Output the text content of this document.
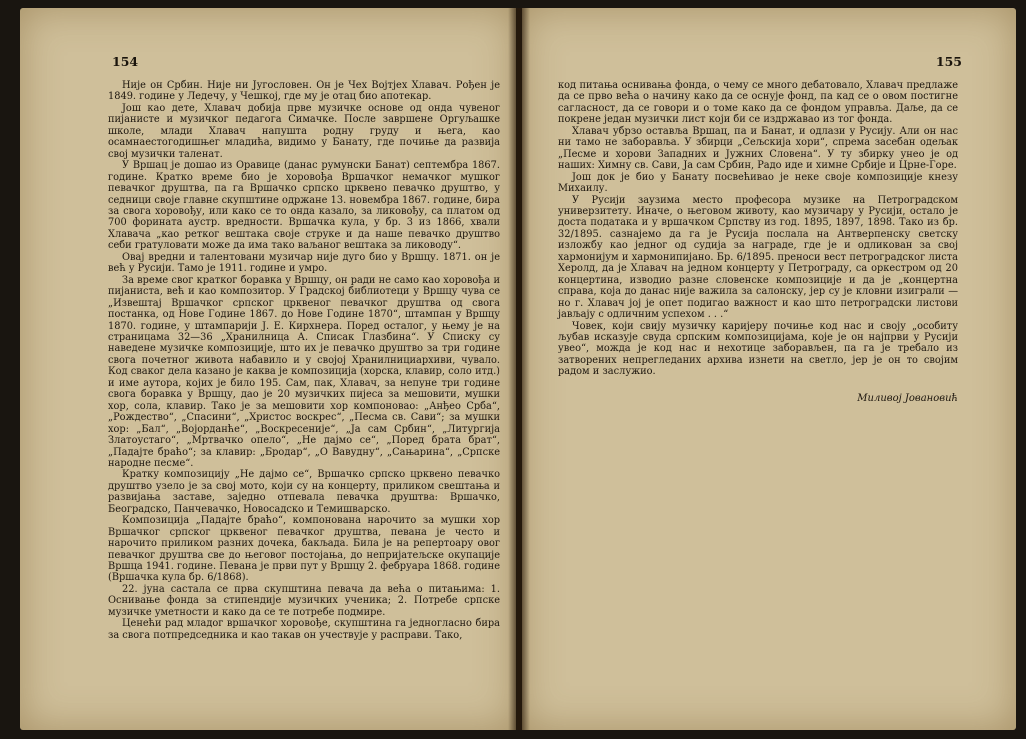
154

Није он Србин. Није ни Југословен. Он је Чех Војтјех Хлавач. Рођен је 1849. године у Ледечу, у Чешкој, где му је отац био апотекар.

Још као дете, Хлавач добија прве музичке основе од онда чувеног пијанисте и музичког педагога Симачке. После завршене Оргуљашке школе, млади Хлавач напушта родну груду и њега, као осамнаестогодишњег младића, видимо у Банату, где почиње да развија свој музички таленат.

У Вршац је дошао из Оравице (данас румунски Банат) септембра 1867. године. Кратко време био је хоровођа Вршачког немачког мушког певачког друштва, па га Вршачко српско црквено певачко друштво, у седници своје главне скупштине одржане 13. новембра 1867. године, бира за свога хоровођу, или како се то онда казало, за ликовођу, са платом од 700 форината аустр. вредности. Вршачка кула, у бр. 3 из 1866, хвали Хлавача „као ретког вештака своје струке и да наше певачко друштво себи гратуловати може да има тако ваљаног вештака за лиководу“.

Овај вредни и талентовани музичар није дуго био у Вршцу. 1871. он је већ у Русији. Тамо је 1911. године и умро.

За време свог кратког боравка у Вршцу, он ради не само као хоровођа и пијаниста, већ и као композитор. У Градској библиотеци у Вршцу чува се „Извештај Вршачког српског црквеног певачког друштва од свога постанка, од Нове Године 1867. до Нове Године 1870“, штампан у Вршцу 1870. године, у штампарији Ј. Е. Кирхнера. Поред осталог, у њему је на страницама 32—36 „Хранилница А. Списак Глазбина“. У Списку су наведене музичке композиције, што их је певачко друштво за три године свога почетног живота набавило и у својој Хранилнициархиви, чувало. Код сваког дела казано је каква је композиција (хорска, клавир, соло итд.) и име аутора, којих је било 195. Сам, пак, Хлавач, за непуне три године свога боравка у Вршцу, дао је 20 музичких пијеса за мешовити, мушки хор, сола, клавир. Тако је за мешовити хор компоновао: „Анђео Срба“, „Рождество“, „Спасини“, „Христос воскрес“, „Песма св. Сави“; за мушки хор: „Бал“, „Војорданће“, „Воскресеније“, „Ја сам Србин“, „Литургија Златоустаго“, „Мртвачко опело“, „Не дајмо се“, „Поред брата брат“, „Падајте браћо“; за клавир: „Бродар“, „О Вавудну“, „Сањарина“, „Српске народне песме“.

Кратку композицију „Не дајмо се“, Вршачко српско црквено певачко друштво узело је за свој мото, који су на концерту, приликом свештања и развијања заставе, заједно отпевала певачка друштва: Вршачко, Београдско, Панчевачко, Новосадско и Темишварско.

Композиција „Падајте браћо“, компонована нарочито за мушки хор Вршачког српског црквеног певачког друштва, певана је често и нарочито приликом разних дочека, бакљада. Била је на репертоару овог певачког друштва све до његовог постојања, до непријатељске окупације Вршца 1941. године. Певана је први пут у Вршцу 2. фебруара 1868. године (Вршачка кула бр. 6/1868).

22. јуна састала се прва скупштина певача да већа о питањима: 1. Оснивање фонда за стипендије музичких ученика; 2. Потребе српске музичке уметности и како да се те потребе подмире.

Ценећи рад младог вршачког хоровође, скупштина га једногласно бира за свога потпредседника и као такав он учествује у расправи. Тако,

155

код питања оснивања фонда, о чему се много дебатовало, Хлавач предлаже да се прво већа о начину како да се оснује фонд, па кад се о овом постигне сагласност, да се говори и о томе како да се фондом управља. Даље, да се покрене један музички лист који би се издржавао из тог фонда.

Хлавач убрзо оставља Вршац, па и Банат, и одлази у Русију. Али он нас ни тамо не заборавља. У збирци „Сељскија хори“, спрема засебан одељак „Песме и хорови Западних и Јужних Словена“. У ту збирку унео је од наших: Химну св. Сави, Ја сам Србин, Радо иде и химне Србије и Црне-Горе.

Још док је био у Банату посвећивао је неке своје композиције кнезу Михаилу.

У Русији заузима место професора музике на Петроградском универзитету. Иначе, о његовом животу, као музичару у Русији, остало је доста података и у вршачком Српству из год. 1895, 1897, 1898. Тако из бр. 32/1895. сазнајемо да га је Русија послала на Антверпенску светску изложбу као једног од судија за награде, где је и одликован за свој хармонијум и хармонипијано. Бр. 6/1895. преноси вест петроградског листа Херолд, да је Хлавач на једном концерту у Петрограду, са оркестром од 20 концертина, изводио разне словенске композиције и да је „концертна справа, која до данас није важила за салонску, јер су је кловни изигрaли — но г. Хлавач јој је опет подигао важност и као што петроградски листови јављају с одличним успехом . . .“

Човек, који свију музичку каријеру почиње код нас и своју „особиту љубав исказује свуда српским композицијама, које је он најпрви у Русији увео“, можда је код нас и нехотице заборављен, па га је требало из затворених непрегледаних архива изнети на светло, јер је он то својим радом и заслужио.

Миливој Јовановић
